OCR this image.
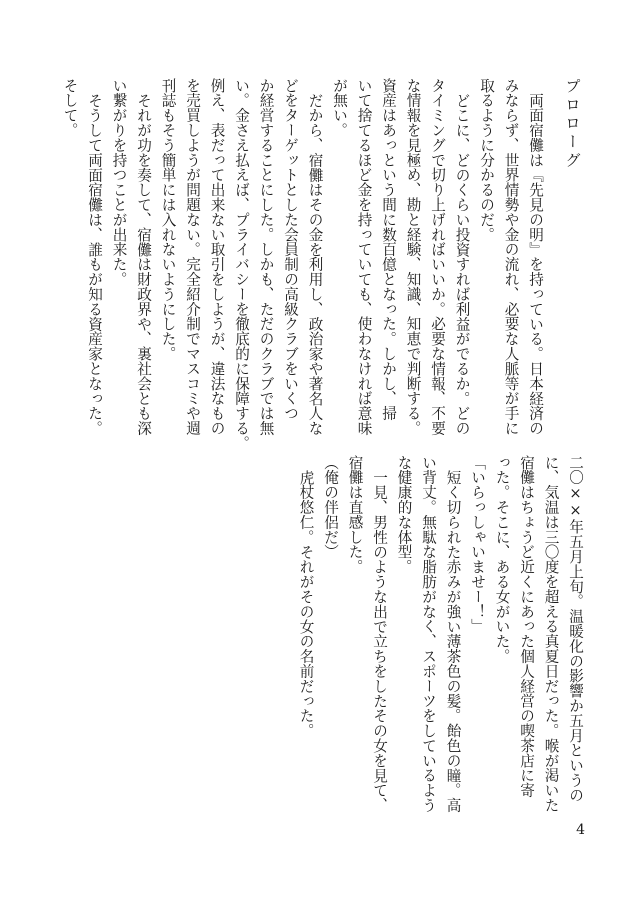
プロローグ
両面宿儺は『先見の明』を持っている。日本経済の
みならず、世界情勢や金の流れ、必要な人脈等が手に
取るように分かるのだ。
どこに、どのくらい投資すれば利益がでるか。どの
タイミングで切り上げればいいか。必要な情報、不要
な情報を見極め、勘と経験、知識、知恵で判断する。
資産はあっという間に数百億となった。しかし、掃
いて捨てるほど金を持っていても、使わなければ意味
が無い。
だから、宿儺はその金を利用し、政治家や著名人な
どをターゲットとした会員制の高級クラブをいくつ
か経営することにした。しかも、ただのクラブでは無
い。金さえ払えば、プライバシーを徹底的に保障する。
例え、表だって出来ない取引をしようが、違法なもの
を売買しようが問題ない。完全紹介制でマスコミや週
刊誌もそう簡単には入れないようにした。
それが功を奏して、宿儺は財政界や、裏社会とも深
い繋がりを持つことが出来た。
そうして両面宿儺は、誰もが知る資産家となった。
そして。
二〇××年五月上旬。温暖化の影響か五月というの
に、気温は三〇度を超える真夏日だった。喉が渇いた
宿儺はちょうど近くにあった個人経営の喫茶店に寄
った。そこに、ある女がいた。
「いらっしゃいませー！」
短く切られた赤みが強い薄茶色の髪。飴色の瞳。高
い背丈。無駄な脂肪がなく、スポーツをしているよう
な健康的な体型。
一見、男性のような出で立ちをしたその女を見て、
宿儺は直感した。
（俺の伴侶だ）
虎杖悠仁。それがその女の名前だった。
4
